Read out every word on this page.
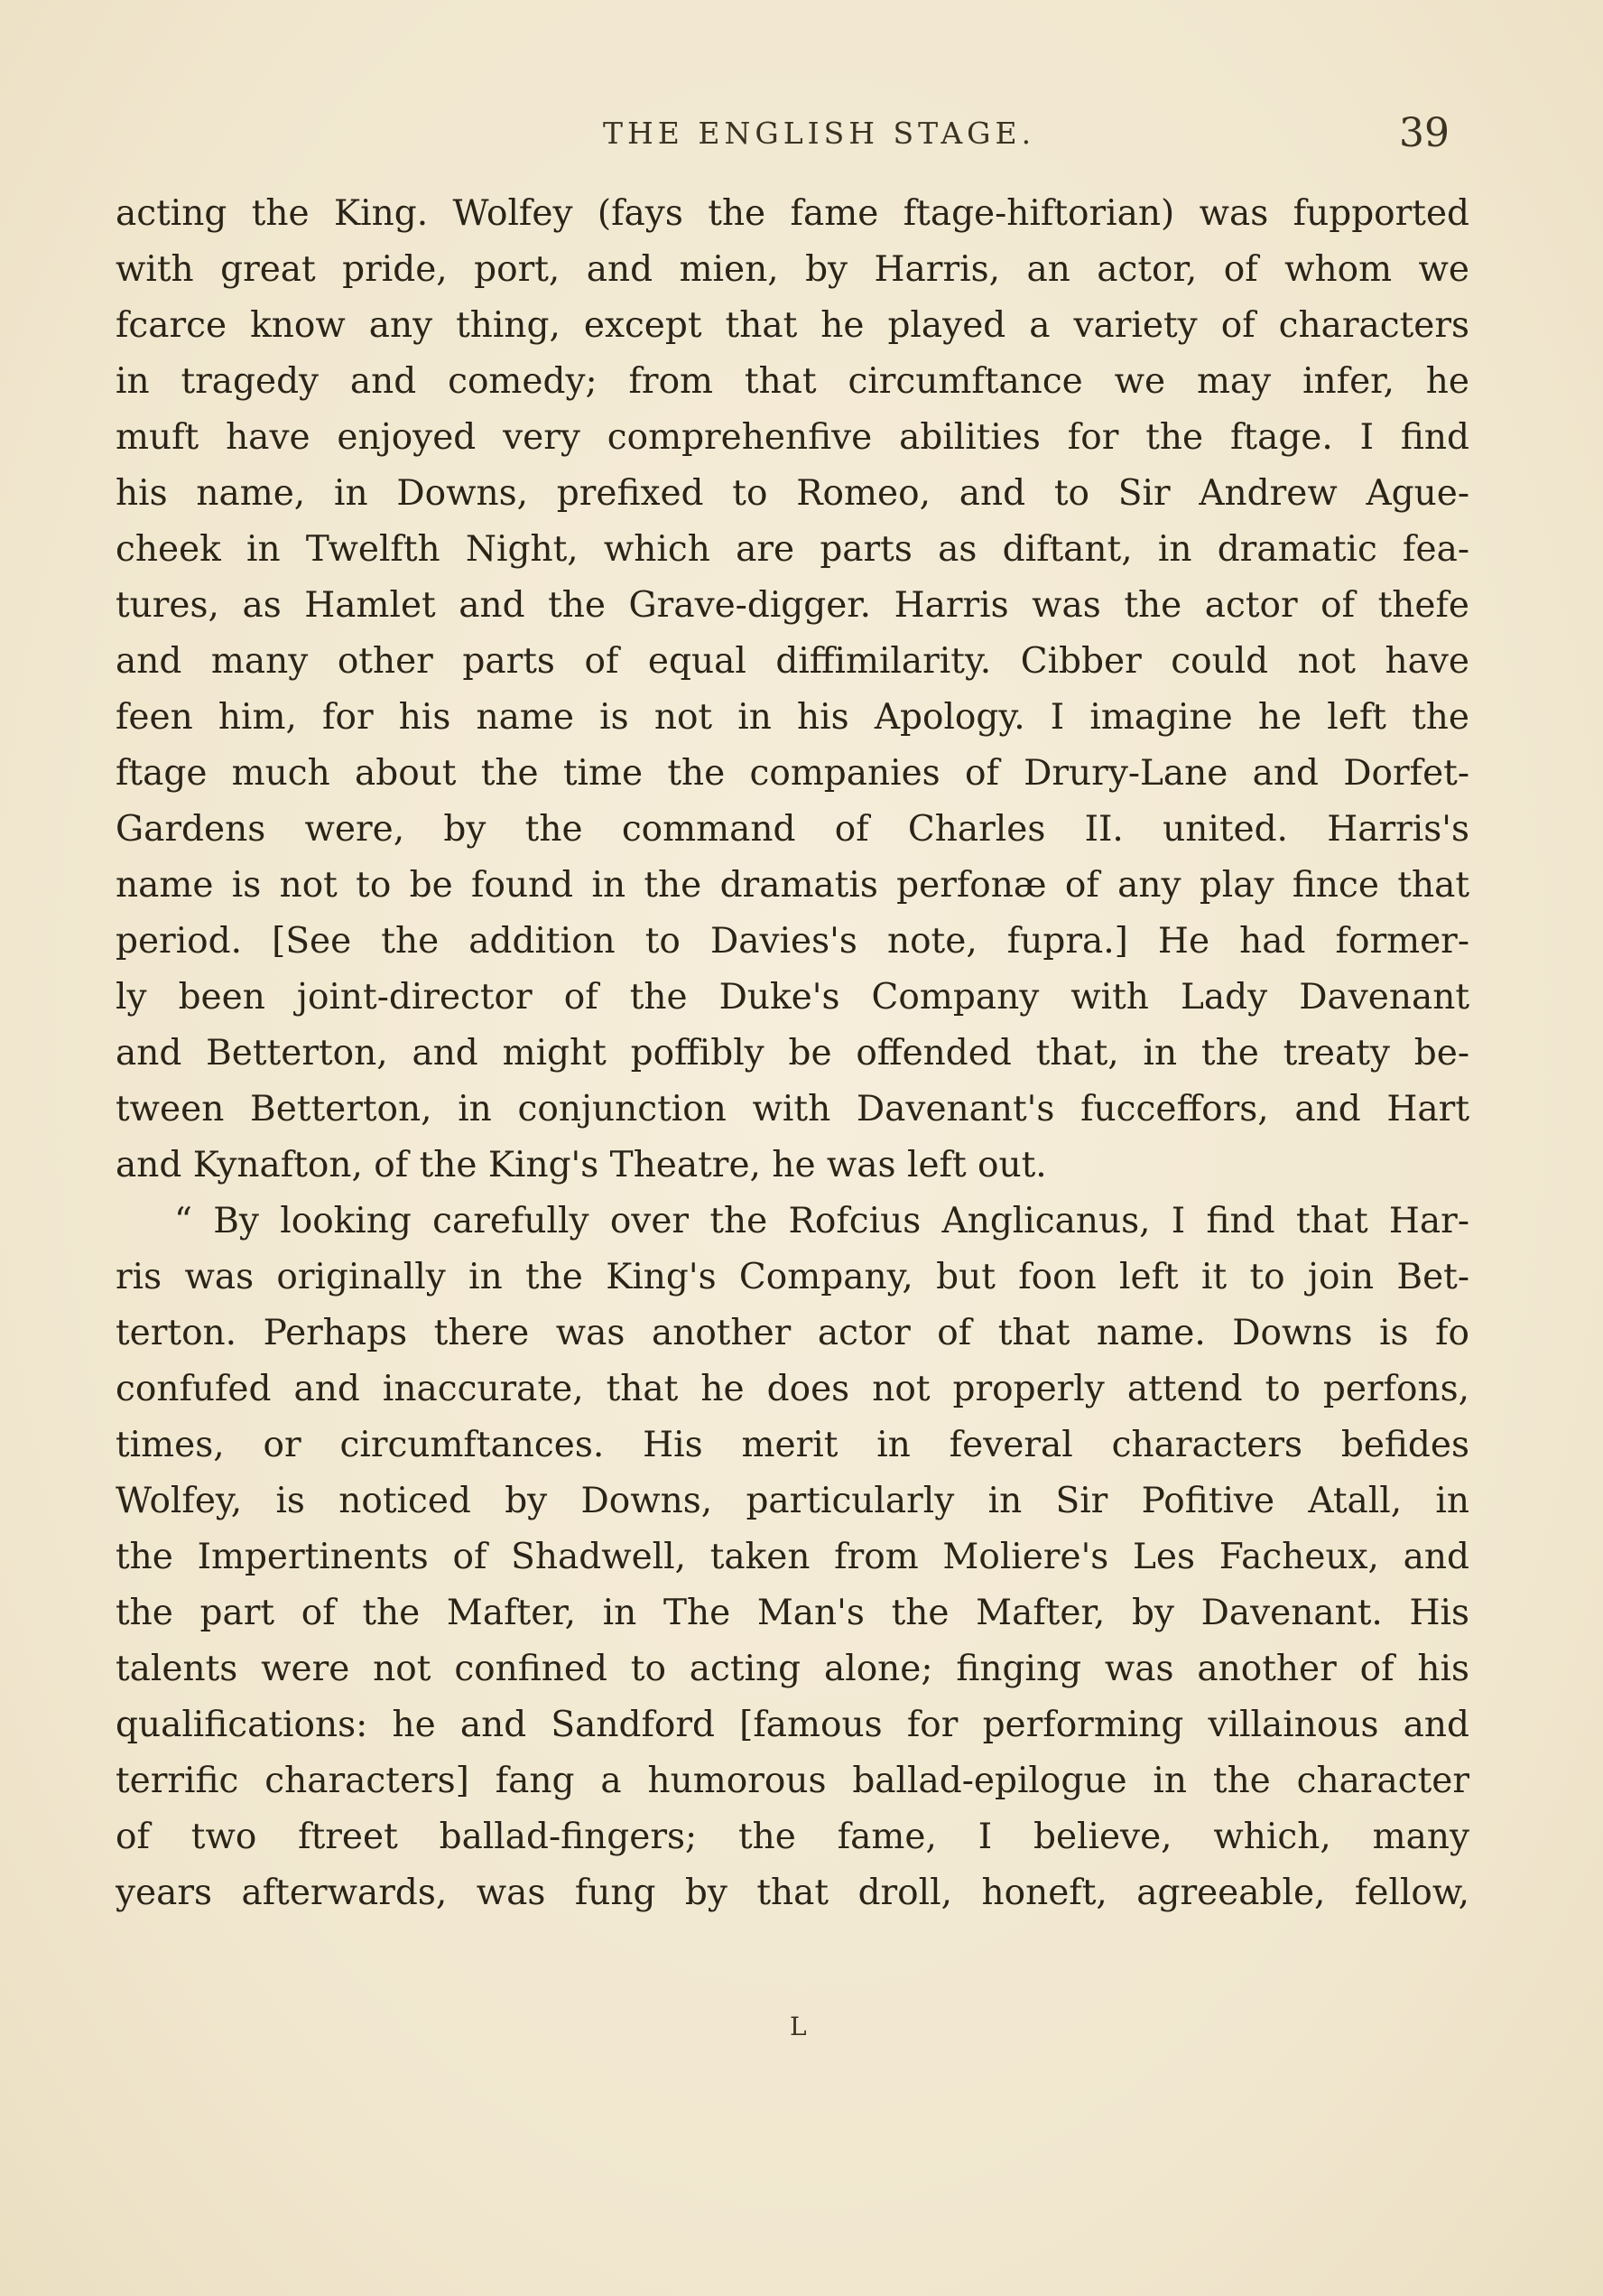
THE ENGLISH STAGE.	39
acting the King. Wolfey (fays the fame ftage-hiftorian) was fupported
with great pride, port, and mien, by Harris, an actor, of whom we
fcarce know any thing, except that he played a variety of characters
in tragedy and comedy; from that circumftance we may infer, he
muft have enjoyed very comprehenfive abilities for the ftage. I find
his name, in Downs, prefixed to Romeo, and to Sir Andrew Ague-
cheek in Twelfth Night, which are parts as diftant, in dramatic fea-
tures, as Hamlet and the Grave-digger. Harris was the actor of thefe
and many other parts of equal diffimilarity. Cibber could not have
feen him, for his name is not in his Apology. I imagine he left the
ftage much about the time the companies of Drury-Lane and Dorfet-
Gardens were, by the command of Charles II. united. Harris's
name is not to be found in the dramatis perfonæ of any play fince that
period. [See the addition to Davies's note, fupra.] He had former-
ly been joint-director of the Duke's Company with Lady Davenant
and Betterton, and might poffibly be offended that, in the treaty be-
tween Betterton, in conjunction with Davenant's fucceffors, and Hart
and Kynafton, of the King's Theatre, he was left out.
“ By looking carefully over the Rofcius Anglicanus, I find that Har-
ris was originally in the King's Company, but foon left it to join Bet-
terton. Perhaps there was another actor of that name. Downs is fo
confufed and inaccurate, that he does not properly attend to perfons,
times, or circumftances. His merit in feveral characters befides
Wolfey, is noticed by Downs, particularly in Sir Pofitive Atall, in
the Impertinents of Shadwell, taken from Moliere's Les Facheux, and
the part of the Mafter, in The Man's the Mafter, by Davenant. His
talents were not confined to acting alone; finging was another of his
qualifications: he and Sandford [famous for performing villainous and
terrific characters] fang a humorous ballad-epilogue in the character
of two ftreet ballad-fingers; the fame, I believe, which, many
years afterwards, was fung by that droll, honeft, agreeable, fellow,
L
